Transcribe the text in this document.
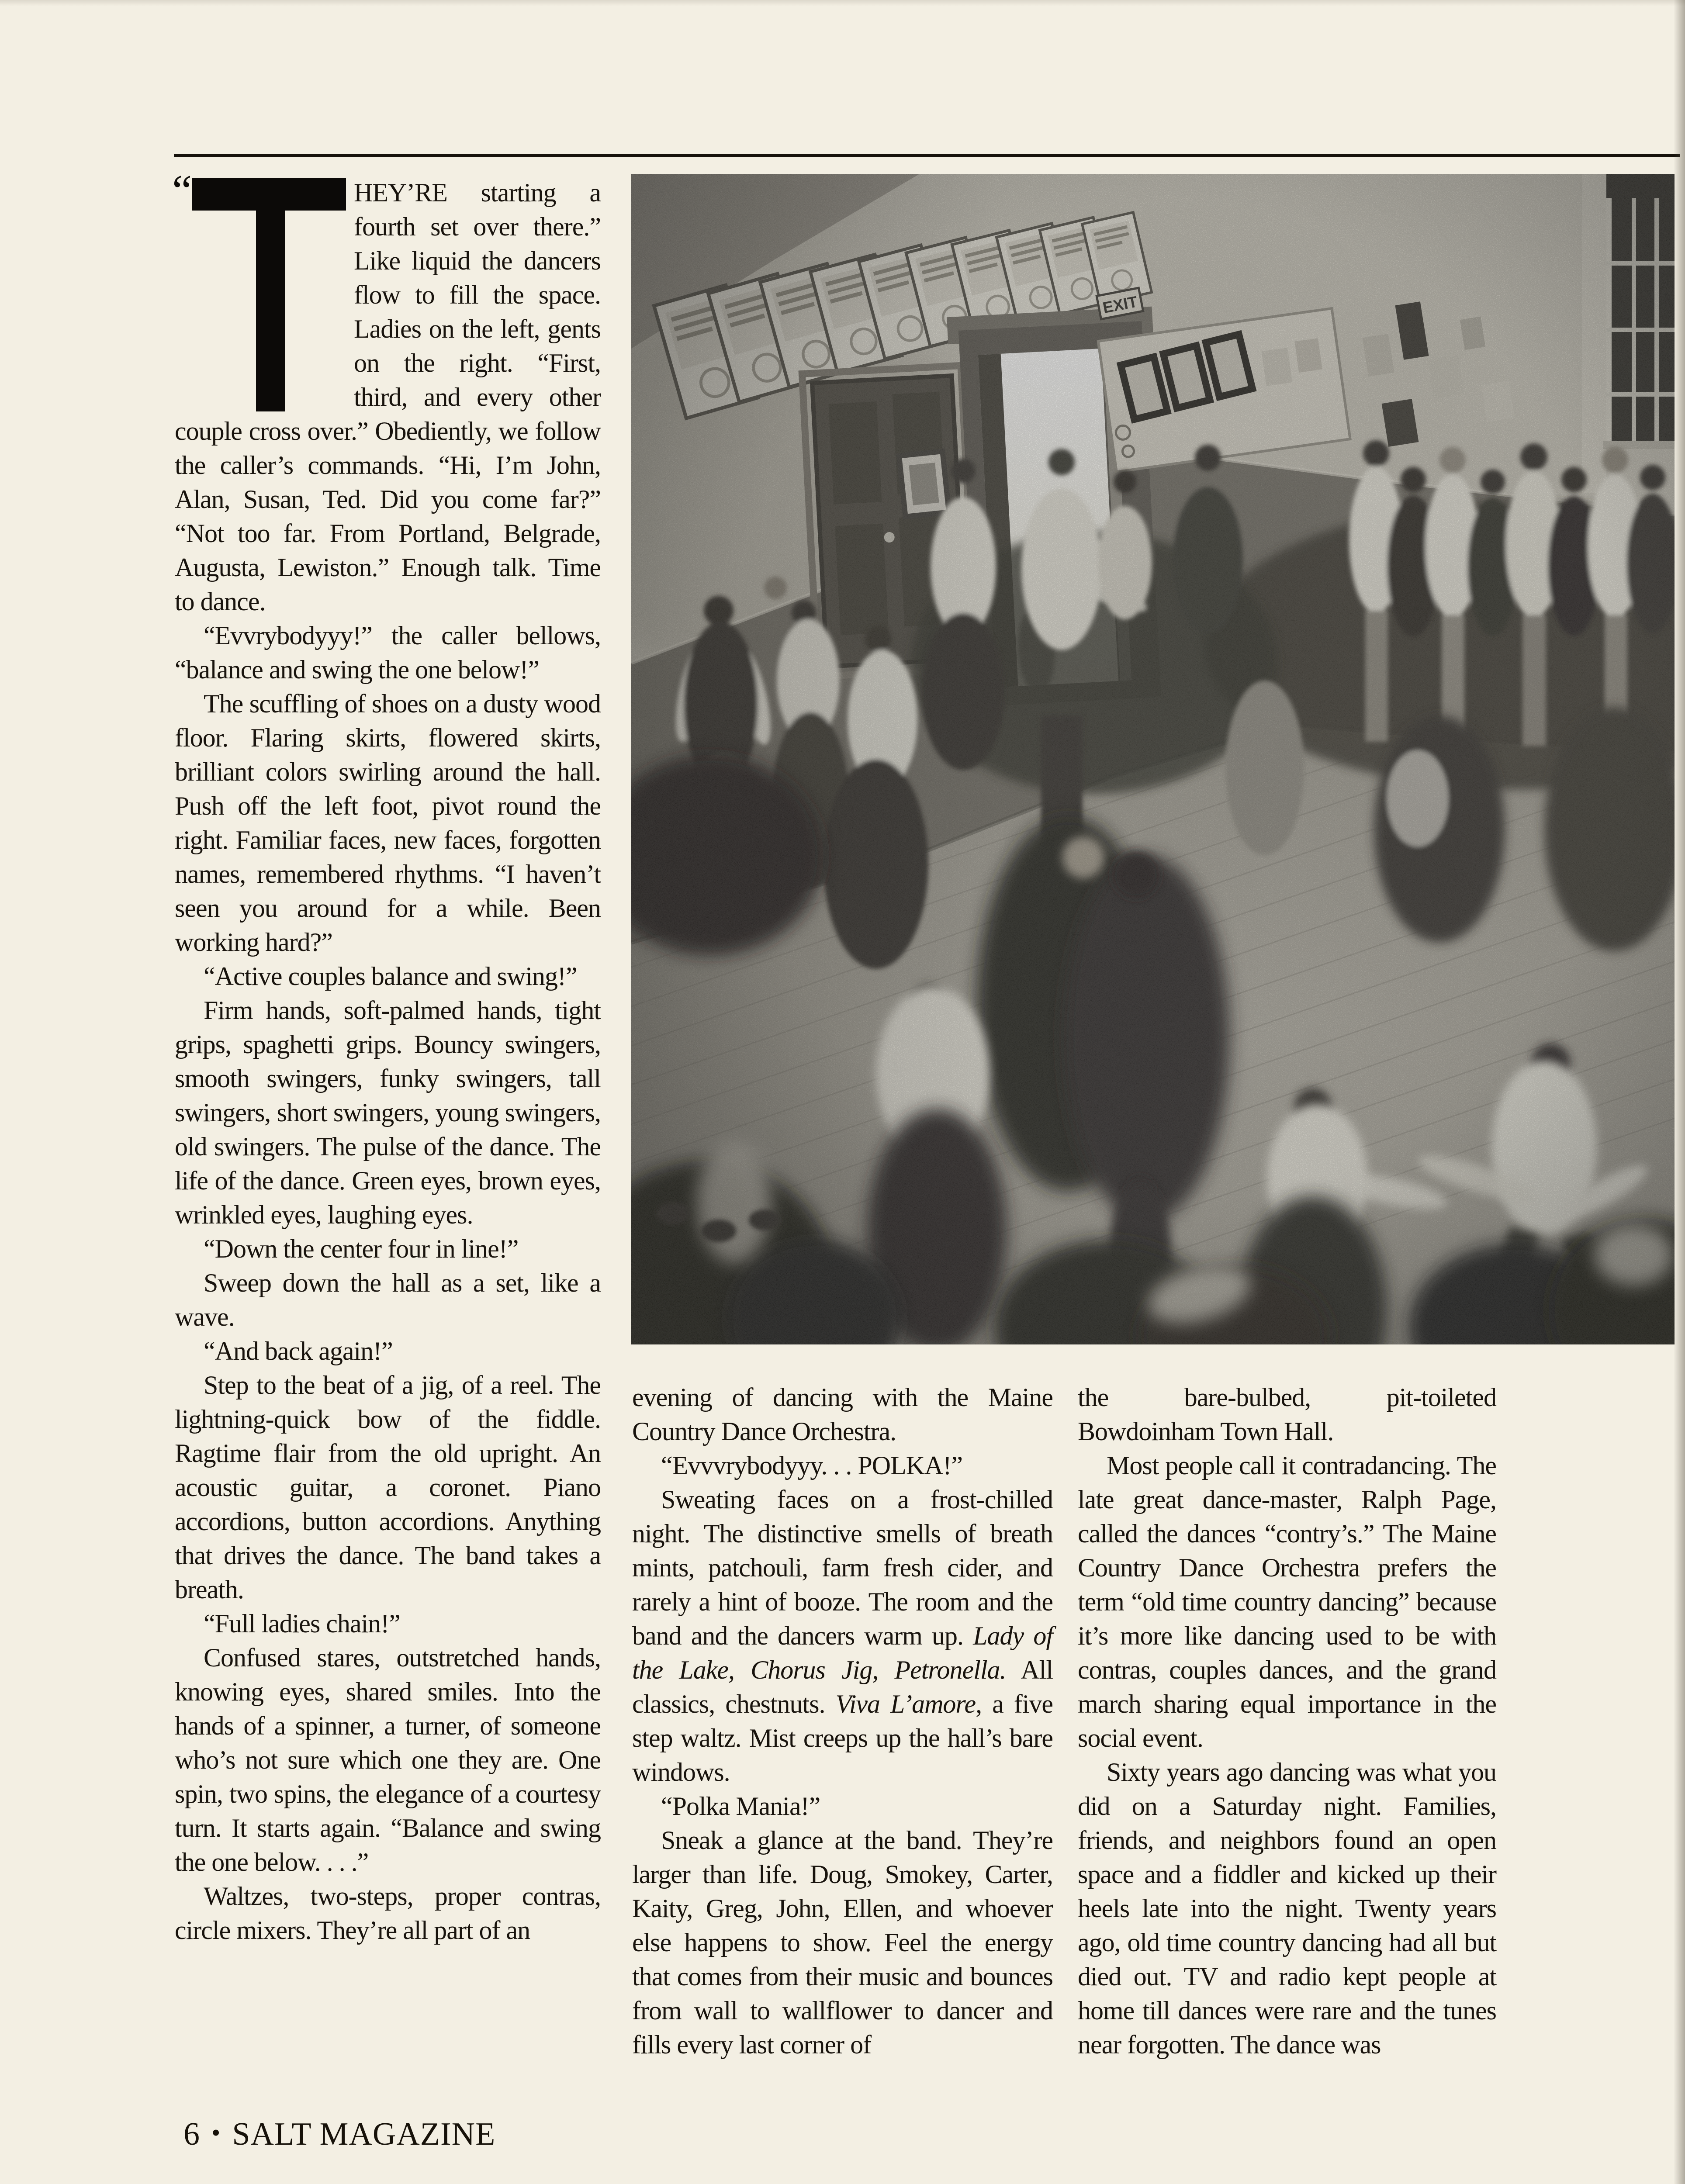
“	HEY’RE starting a fourth set over there.” Like liquid the dancers flow to fill the space. Ladies on the left, gents on the right. “First, third, and every other couple cross over.” Obediently, we follow the caller’s commands. “Hi, I’m John, Alan, Susan, Ted. Did you come far?” “Not too far. From Portland, Belgrade, Augusta, Lewiston.” Enough talk. Time to dance.

“Evvrybodyyy!” the caller bellows, “balance and swing the one below!”

The scuffling of shoes on a dusty wood floor. Flaring skirts, flowered skirts, brilliant colors swirling around the hall. Push off the left foot, pivot round the right. Familiar faces, new faces, forgotten names, remembered rhythms. “I haven’t seen you around for a while. Been working hard?”

“Active couples balance and swing!”

Firm hands, soft-palmed hands, tight grips, spaghetti grips. Bouncy swingers, smooth swingers, funky swingers, tall swingers, short swingers, young swingers, old swingers. The pulse of the dance. The life of the dance. Green eyes, brown eyes, wrinkled eyes, laughing eyes.

“Down the center four in line!”

Sweep down the hall as a set, like a wave.

“And back again!”

Step to the beat of a jig, of a reel. The lightning-quick bow of the fiddle. Ragtime flair from the old upright. An acoustic guitar, a coronet. Piano accordions, button accordions. Anything that drives the dance. The band takes a breath.

“Full ladies chain!”

Confused stares, outstretched hands, knowing eyes, shared smiles. Into the hands of a spinner, a turner, of someone who’s not sure which one they are. One spin, two spins, the elegance of a courtesy turn. It starts again. “Balance and swing the one below. . . .”

Waltzes, two-steps, proper contras, circle mixers. They’re all part of an

evening of dancing with the Maine Country Dance Orchestra.

“Evvvrybodyyy. . . POLKA!”

Sweating faces on a frost-chilled night. The distinctive smells of breath mints, patchouli, farm fresh cider, and rarely a hint of booze. The room and the band and the dancers warm up. Lady of the Lake, Chorus Jig, Petronella. All classics, chestnuts. Viva L’amore, a five step waltz. Mist creeps up the hall’s bare windows.

“Polka Mania!”

Sneak a glance at the band. They’re larger than life. Doug, Smokey, Carter, Kaity, Greg, John, Ellen, and whoever else happens to show. Feel the energy that comes from their music and bounces from wall to wallflower to dancer and fills every last corner of

the bare-bulbed, pit-toileted Bowdoinham Town Hall.

Most people call it contradancing. The late great dance-master, Ralph Page, called the dances “contry’s.” The Maine Country Dance Orchestra prefers the term “old time country dancing” because it’s more like dancing used to be with contras, couples dances, and the grand march sharing equal importance in the social event.

Sixty years ago dancing was what you did on a Saturday night. Families, friends, and neighbors found an open space and a fiddler and kicked up their heels late into the night. Twenty years ago, old time country dancing had all but died out. TV and radio kept people at home till dances were rare and the tunes near forgotten. The dance was

6 • SALT MAGAZINE
